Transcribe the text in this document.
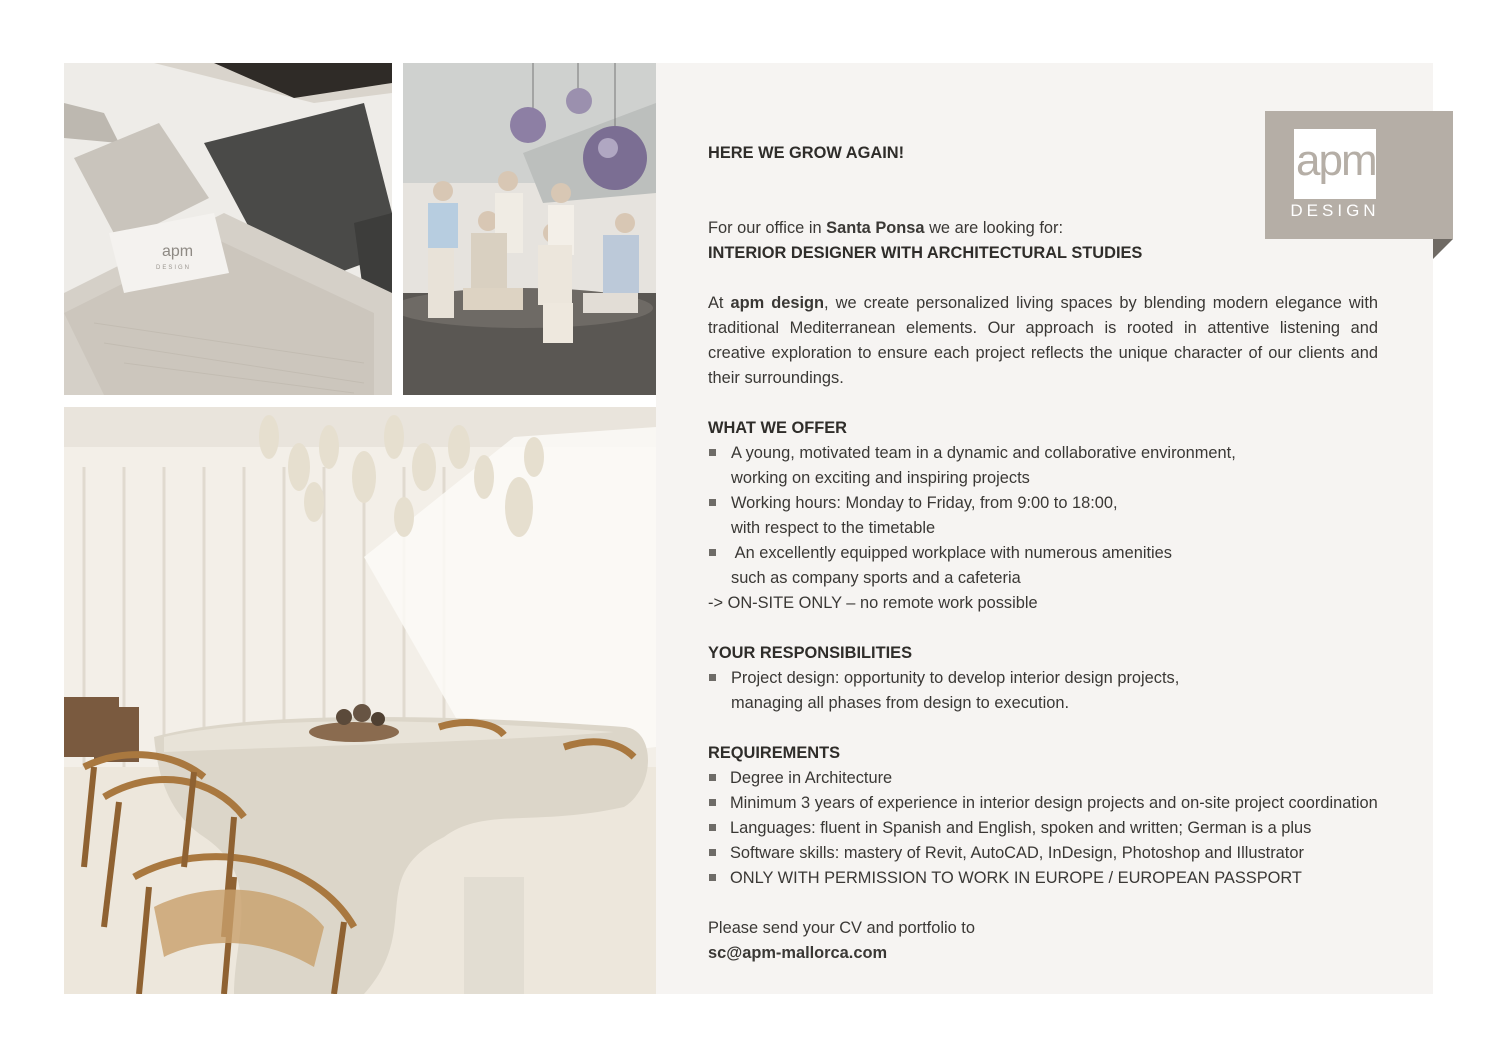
apm
DESIGN

HERE WE GROW AGAIN!

For our office in Santa Ponsa we are looking for:

INTERIOR DESIGNER WITH ARCHITECTURAL STUDIES

At apm design, we create personalized living spaces by blending modern elegance with traditional Mediterranean elements. Our approach is rooted in attentive listening and creative exploration to ensure each project reflects the unique character of our clients and their surroundings.

WHAT WE OFFER

A young, motivated team in a dynamic and collaborative environment,
working on exciting and inspiring projects
Working hours: Monday to Friday, from 9:00 to 18:00,
with respect to the timetable
An excellently equipped workplace with numerous amenities
such as company sports and a cafeteria

-> ON-SITE ONLY – no remote work possible

YOUR RESPONSIBILITIES

Project design: opportunity to develop interior design projects,
managing all phases from design to execution.

REQUIREMENTS

Degree in Architecture

Minimum 3 years of experience in interior design projects and on-site project coordination

Languages: fluent in Spanish and English, spoken and written; German is a plus

Software skills: mastery of Revit, AutoCAD, InDesign, Photoshop and Illustrator

ONLY WITH PERMISSION TO WORK IN EUROPE / EUROPEAN PASSPORT

Please send your CV and portfolio to

sc@apm-mallorca.com

apm
DESIGN
